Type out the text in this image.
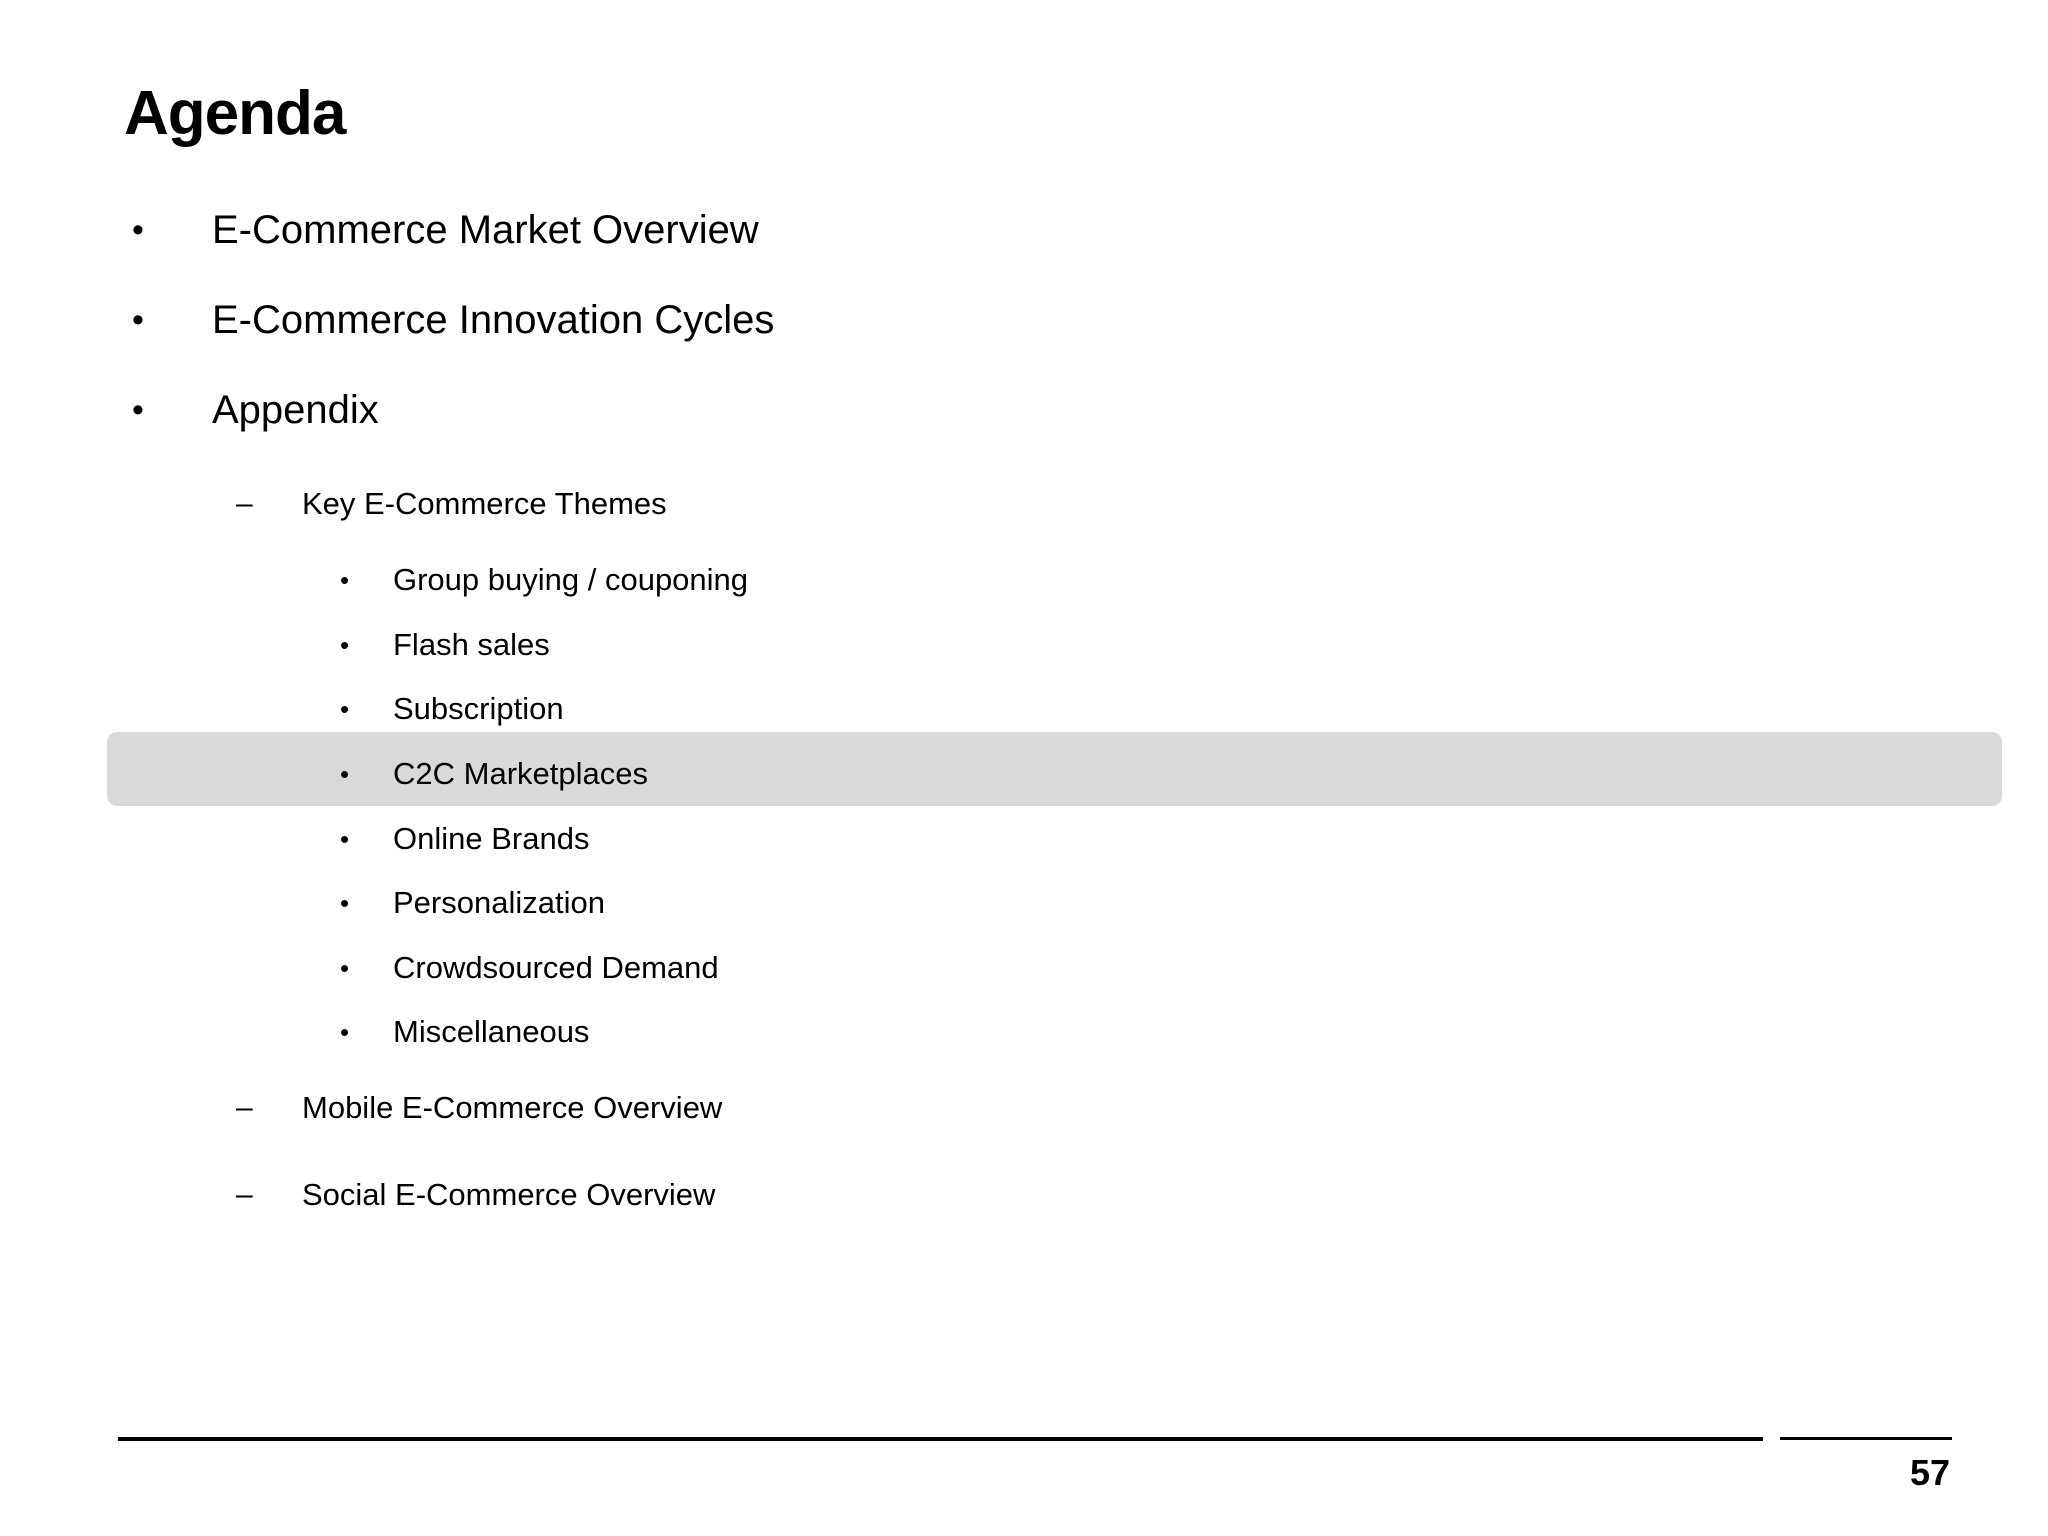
Agenda
• E-Commerce Market Overview
• E-Commerce Innovation Cycles
• Appendix
– Key E-Commerce Themes
• Group buying / couponing
• Flash sales
• Subscription
• C2C Marketplaces
• Online Brands
• Personalization
• Crowdsourced Demand
• Miscellaneous
– Mobile E-Commerce Overview
– Social E-Commerce Overview
57
